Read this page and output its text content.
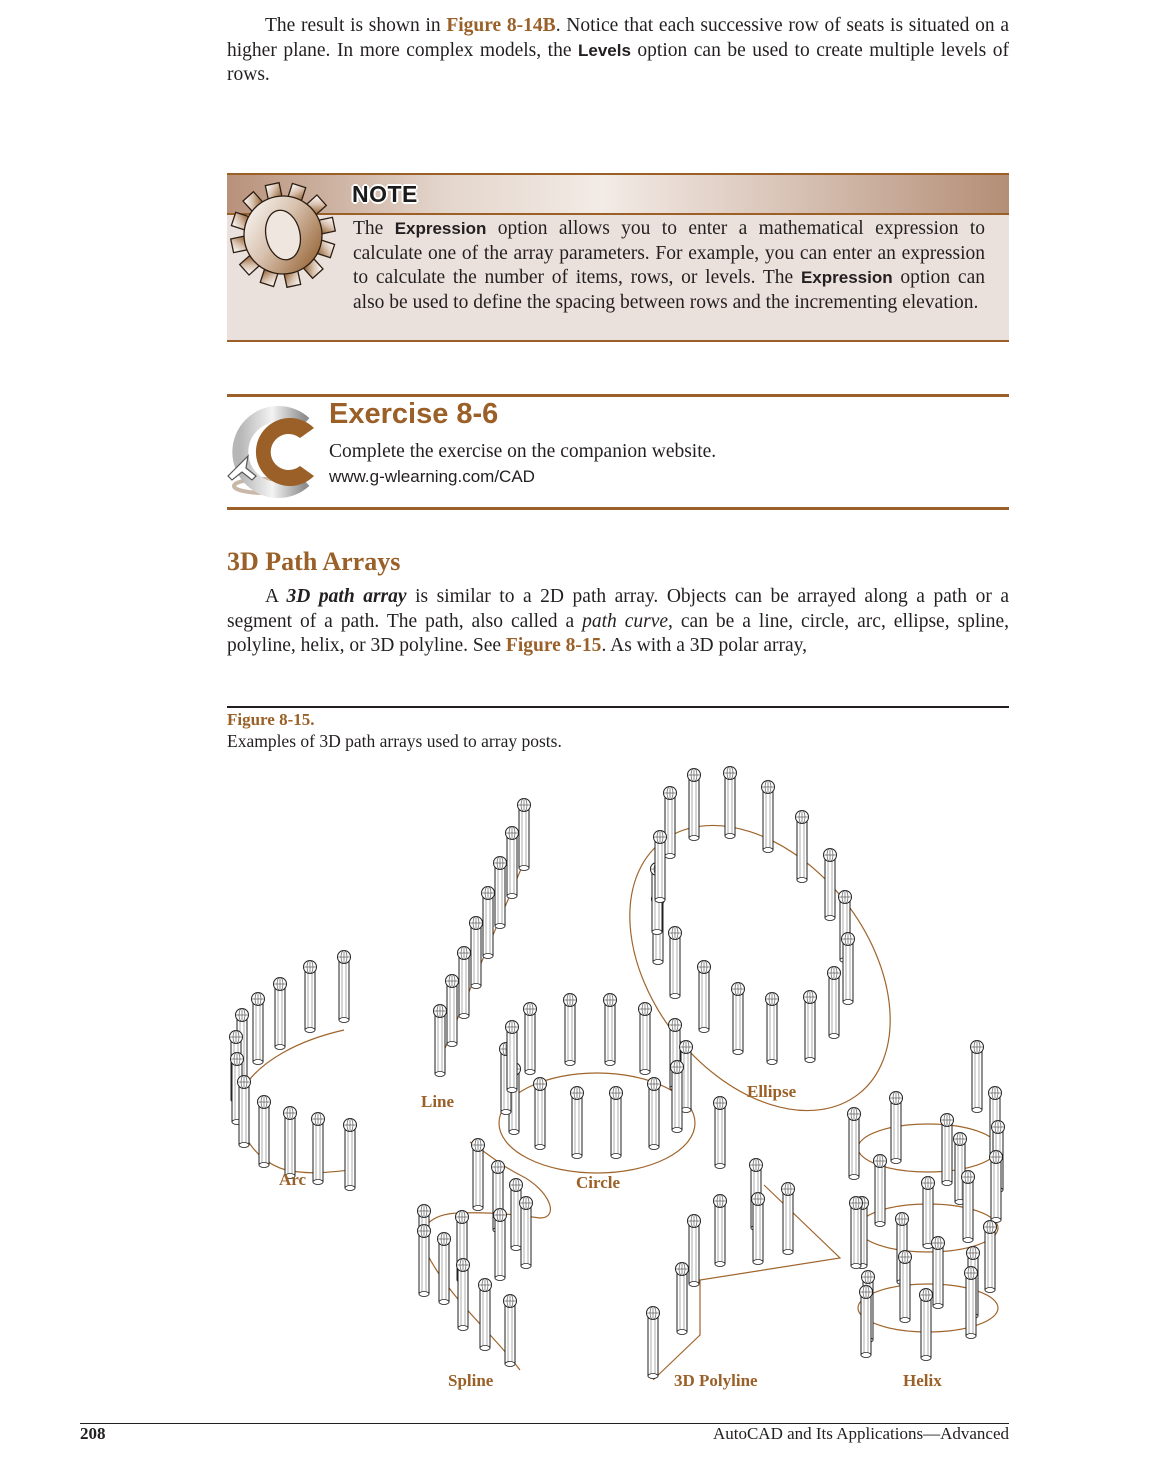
The result is shown in Figure 8-14B. Notice that each successive row of seats is situated on a higher plane. In more complex models, the Levels option can be used to create multiple levels of rows.

NOTE

The Expression option allows you to enter a mathematical expression to calculate one of the array parameters. For example, you can enter an expression to calculate the number of items, rows, or levels. The Expression option can also be used to define the spacing between rows and the incrementing elevation.

Exercise 8-6
Complete the exercise on the companion website.
www.g-wlearning.com/CAD
3D Path Arrays

A 3D path array is similar to a 2D path array. Objects can be arrayed along a path or a segment of a path. The path, also called a path curve, can be a line, circle, arc, ellipse, spline, polyline, helix, or 3D polyline. See Figure 8-15. As with a 3D polar array,

Figure 8-15.
Examples of 3D path arrays used to array posts.
Arc
Line
Ellipse
Circle
Spline	3D Polyline	Helix
208	AutoCAD and Its Applications—Advanced
